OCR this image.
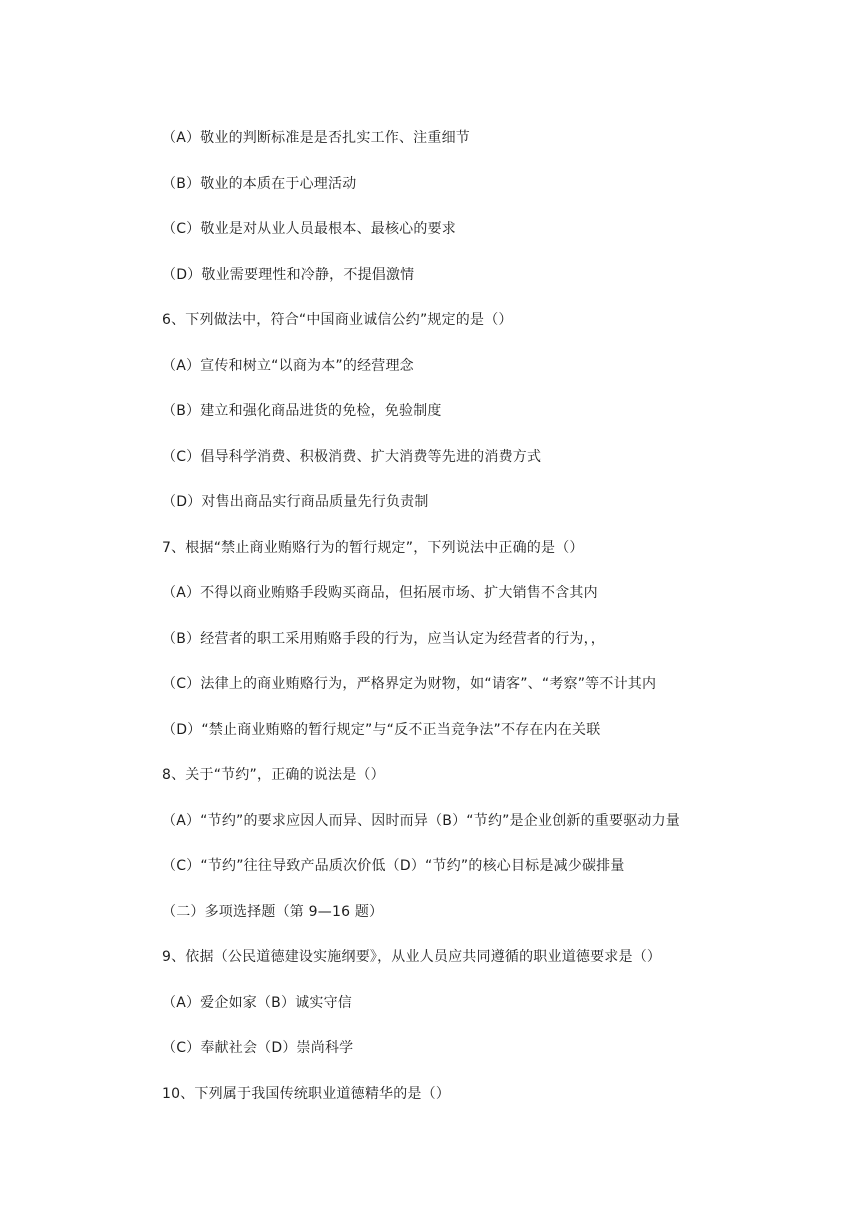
（A）敬业的判断标准是是否扎实工作、注重细节
（B）敬业的本质在于心理活动
（C）敬业是对从业人员最根本、最核心的要求
（D）敬业需要理性和冷静，不提倡激情
6、下列做法中，符合“中国商业诚信公约”规定的是（）
（A）宣传和树立“以商为本”的经营理念
（B）建立和强化商品进货的免检，免验制度
（C）倡导科学消费、积极消费、扩大消费等先进的消费方式
（D）对售出商品实行商品质量先行负责制
7、根据“禁止商业贿赂行为的暂行规定”，下列说法中正确的是（）
（A）不得以商业贿赂手段购买商品，但拓展市场、扩大销售不含其内
（B）经营者的职工采用贿赂手段的行为，应当认定为经营者的行为，，
（C）法律上的商业贿赂行为，严格界定为财物，如“请客”、“考察”等不计其内
（D）“禁止商业贿赂的暂行规定”与“反不正当竞争法”不存在内在关联
8、关于“节约”，正确的说法是（）
（A）“节约”的要求应因人而异、因时而异（B）“节约”是企业创新的重要驱动力量
（C）“节约”往往导致产品质次价低（D）“节约”的核心目标是减少碳排量
（二）多项选择题（第 9—16 题）
9、依据（公民道德建设实施纲要》，从业人员应共同遵循的职业道德要求是（）
（A）爱企如家（B）诚实守信
（C）奉献社会（D）崇尚科学
10、下列属于我国传统职业道德精华的是（）
